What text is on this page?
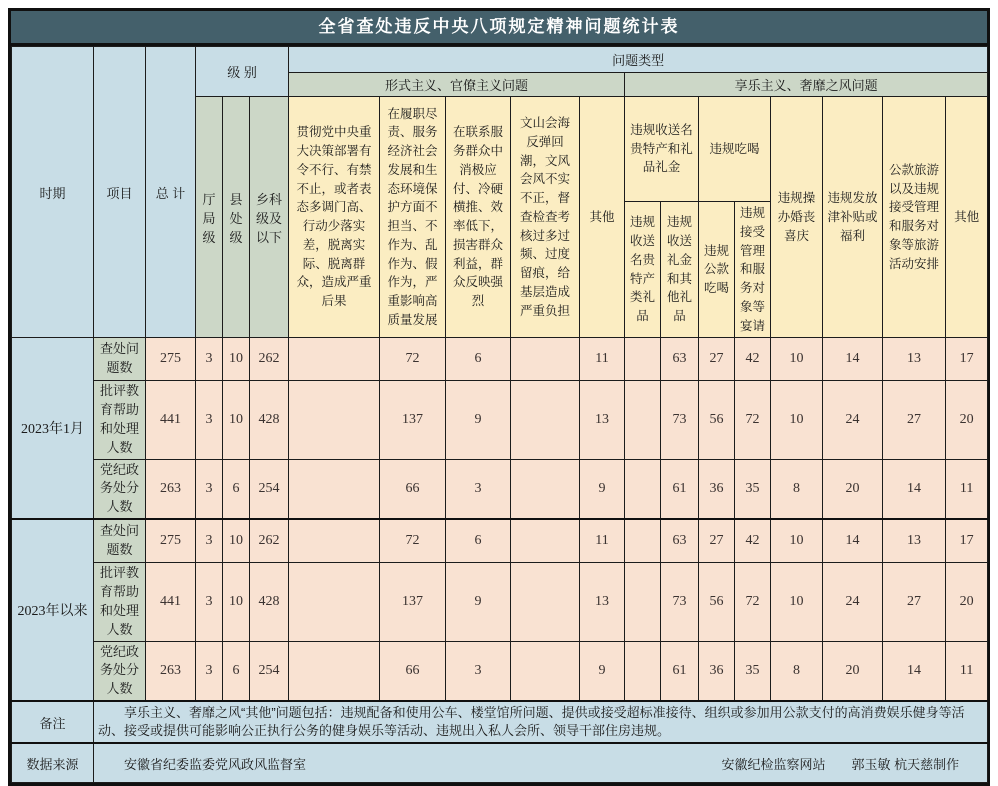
全省查处违反中央八项规定精神问题统计表
时期	项目	总 计	级 别			问题类型												
						形式主义、官僚主义问题					享乐主义、奢靡之风问题							
			厅局级	县处级	乡科级及以下	贯彻党中央重大决策部署有令不行、有禁不止，或者表态多调门高、行动少落实差，脱离实际、脱离群众，造成严重后果	在履职尽责、服务经济社会发展和生态环境保护方面不担当、不作为、乱作为、假作为，严重影响高质量发展	在联系服务群众中消极应付、冷硬横推、效率低下，损害群众利益，群众反映强烈	文山会海反弹回潮，文风会风不实不正，督查检查考核过多过频、过度留痕，给基层造成严重负担	其他	违规收送名贵特产和礼品礼金		违规吃喝		违规操办婚丧喜庆	违规发放津补贴或福利	公款旅游以及违规接受管理和服务对象等旅游活动安排	其他
											违规收送名贵特产类礼品	违规收送礼金和其他礼品	违规公款吃喝	违规接受管理和服务对象等宴请				
2023年1月	查处问题数	275	3	10	262		72	6		11		63	27	42	10	14	13	17
	批评教育帮助和处理人数	441	3	10	428		137	9		13		73	56	72	10	24	27	20
	党纪政务处分人数	263	3	6	254		66	3		9		61	36	35	8	20	14	11
2023年以来	查处问题数	275	3	10	262		72	6		11		63	27	42	10	14	13	17
	批评教育帮助和处理人数	441	3	10	428		137	9		13		73	56	72	10	24	27	20
	党纪政务处分人数	263	3	6	254		66	3		9		61	36	35	8	20	14	11
备注	享乐主义、奢靡之风“其他”问题包括：违规配备和使用公车、楼堂馆所问题、提供或接受超标准接待、组织或参加用公款支付的高消费娱乐健身等活动、接受或提供可能影响公正执行公务的健身娱乐等活动、违规出入私人会所、领导干部住房违规。																	

数据来源	安徽省纪委监委党风政风监督室 安徽纪检监察网站 郭玉敏 杭天慈制作																	
